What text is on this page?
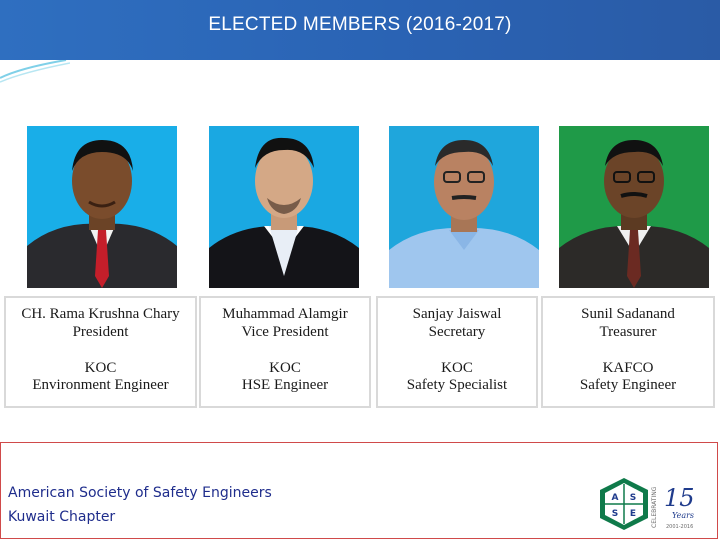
ELECTED MEMBERS (2016-2017)
CH. Rama Krushna Chary
President
KOC
Environment Engineer
Muhammad Alamgir
Vice President
KOC
HSE Engineer
Sanjay Jaiswal
Secretary
KOC
Safety Specialist
Sunil Sadanand
Treasurer
KAFCO
Safety Engineer
American Society of Safety Engineers
Kuwait Chapter
A S
S E CELEBRATING 15
Years
2001-2016
